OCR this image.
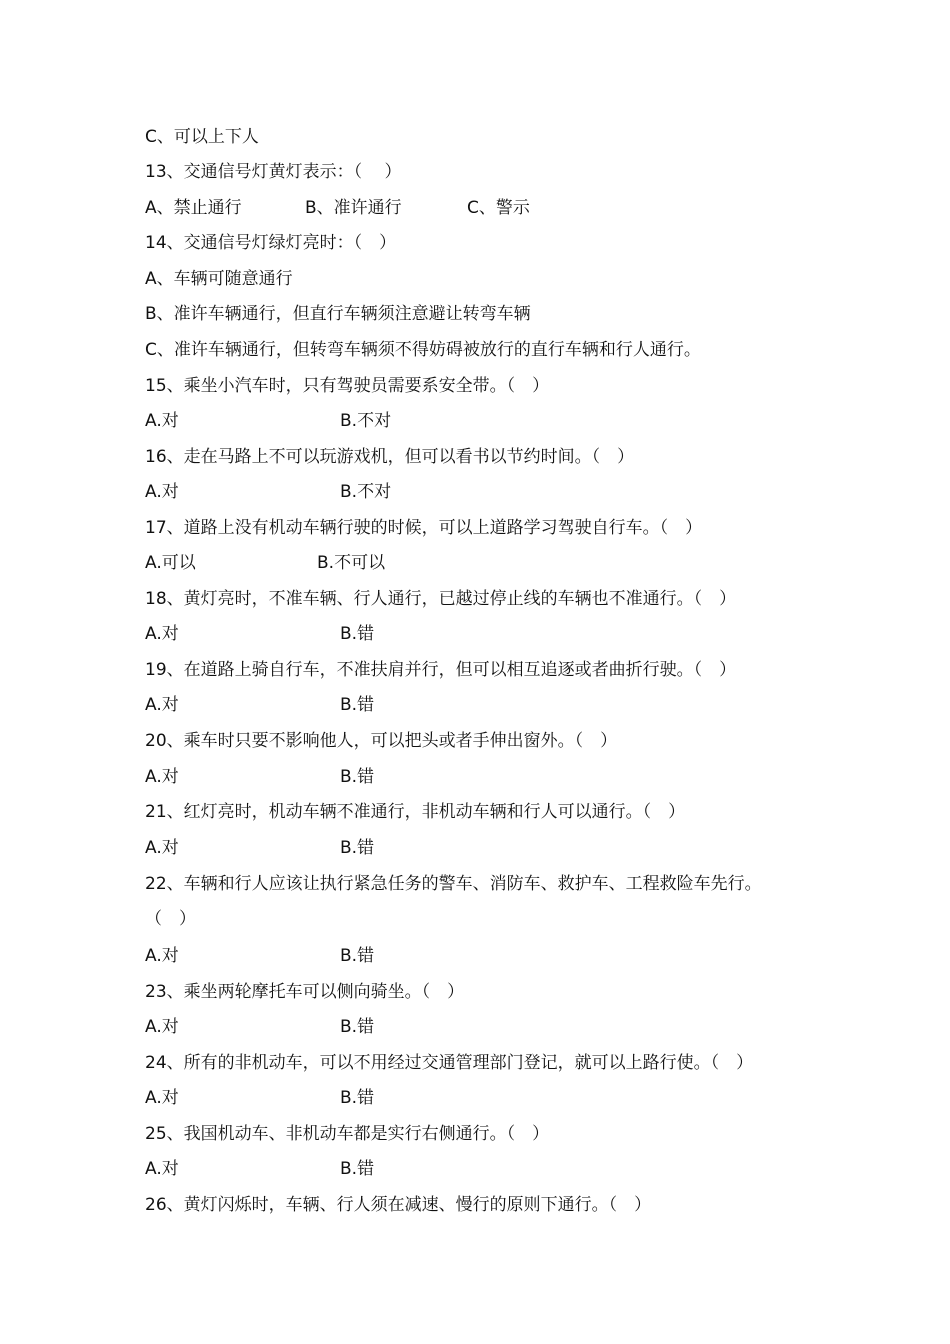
C、可以上下人
13、交通信号灯黄灯表示：（　 ）
A、禁止通行	B、准许通行	C、警示
14、交通信号灯绿灯亮时：（　）
A、车辆可随意通行
B、准许车辆通行，但直行车辆须注意避让转弯车辆
C、准许车辆通行，但转弯车辆须不得妨碍被放行的直行车辆和行人通行。
15、乘坐小汽车时，只有驾驶员需要系安全带。（　）
A.对	B.不对
16、走在马路上不可以玩游戏机，但可以看书以节约时间。（　）
A.对	B.不对
17、道路上没有机动车辆行驶的时候，可以上道路学习驾驶自行车。（　）
A.可以	B.不可以
18、黄灯亮时，不准车辆、行人通行，已越过停止线的车辆也不准通行。（　）
A.对	B.错
19、在道路上骑自行车，不准扶肩并行，但可以相互追逐或者曲折行驶。（　）
A.对	B.错
20、乘车时只要不影响他人，可以把头或者手伸出窗外。（　）
A.对	B.错
21、红灯亮时，机动车辆不准通行，非机动车辆和行人可以通行。（　）
A.对	B.错
22、车辆和行人应该让执行紧急任务的警车、消防车、救护车、工程救险车先行。
（　）
A.对	B.错
23、乘坐两轮摩托车可以侧向骑坐。（　）
A.对	B.错
24、所有的非机动车，可以不用经过交通管理部门登记，就可以上路行使。（　）
A.对	B.错
25、我国机动车、非机动车都是实行右侧通行。（　）
A.对	B.错
26、黄灯闪烁时，车辆、行人须在减速、慢行的原则下通行。（　）
